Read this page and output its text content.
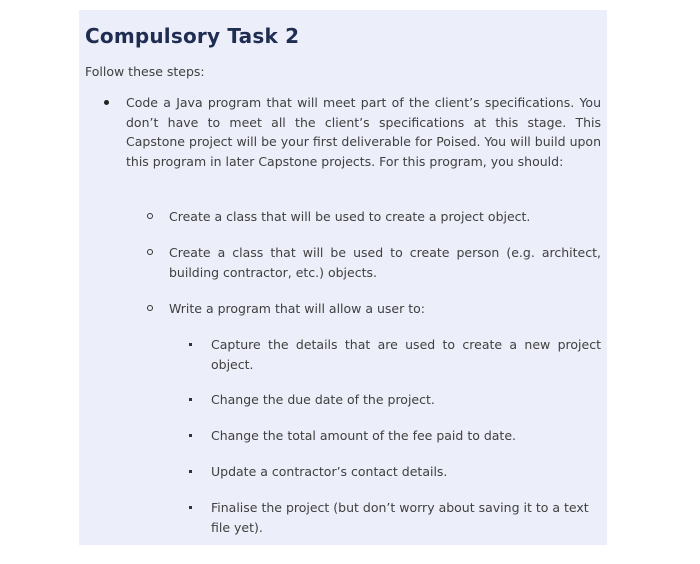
Compulsory Task 2

Follow these steps:

Code a Java program that will meet part of the client’s specifications. You don’t have to meet all the client’s specifications at this stage. This Capstone project will be your first deliverable for Poised. You will build upon this program in later Capstone projects. For this program, you should:

Create a class that will be used to create a project object.

Create a class that will be used to create person (e.g. architect, building contractor, etc.) objects.

Write a program that will allow a user to:

Capture the details that are used to create a new project object.

Change the due date of the project.

Change the total amount of the fee paid to date.

Update a contractor’s contact details.

Finalise the project (but don’t worry about saving it to a text file yet).
